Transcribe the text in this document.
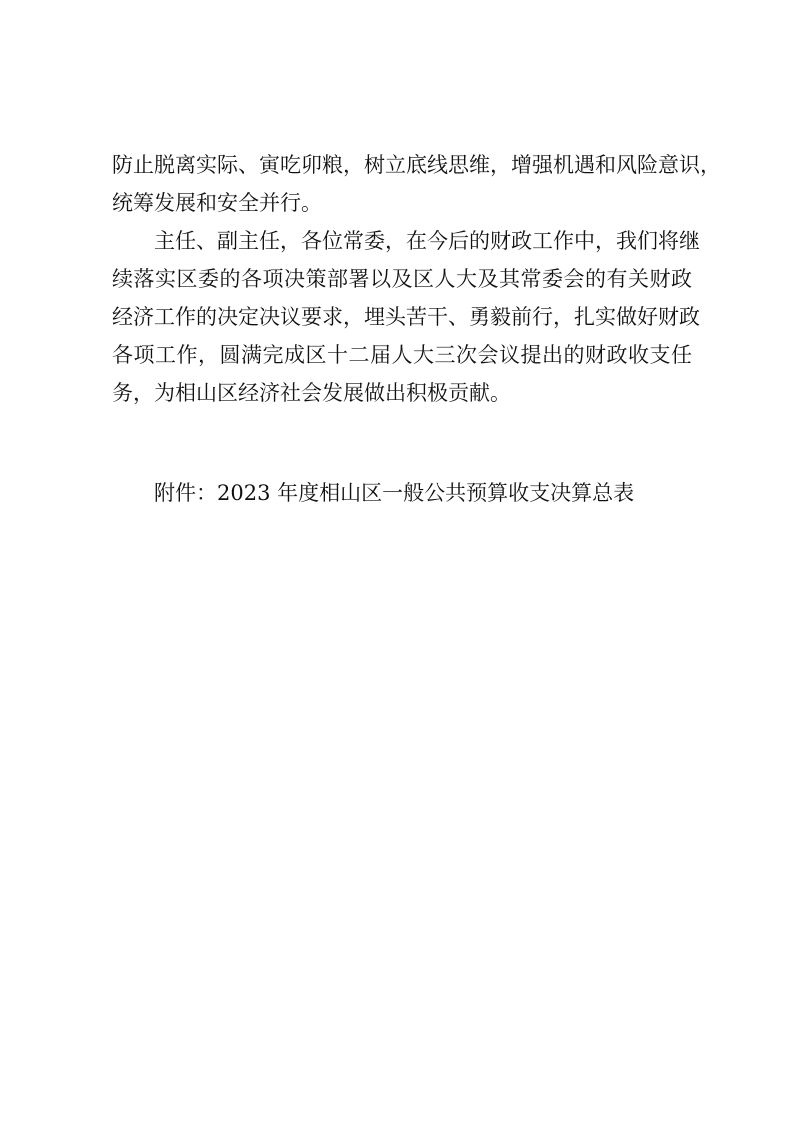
防止脱离实际、寅吃卯粮，树立底线思维，增强机遇和风险意识，
统筹发展和安全并行。
主任、副主任，各位常委，在今后的财政工作中，我们将继
续落实区委的各项决策部署以及区人大及其常委会的有关财政
经济工作的决定决议要求，埋头苦干、勇毅前行，扎实做好财政
各项工作，圆满完成区十二届人大三次会议提出的财政收支任
务，为相山区经济社会发展做出积极贡献。
附件：2023 年度相山区一般公共预算收支决算总表
